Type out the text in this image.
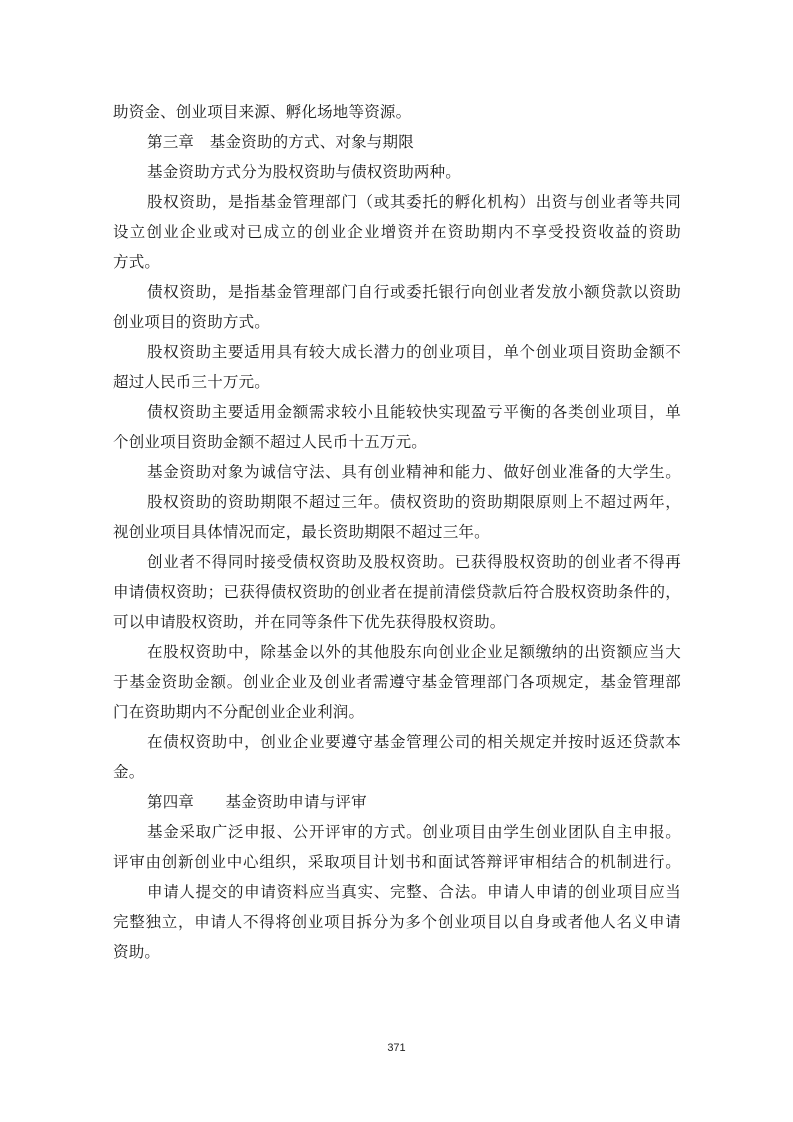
助资金、创业项目来源、孵化场地等资源。
第三章　基金资助的方式、对象与期限
基金资助方式分为股权资助与债权资助两种。
股权资助，是指基金管理部门（或其委托的孵化机构）出资与创业者等共同
设立创业企业或对已成立的创业企业增资并在资助期内不享受投资收益的资助
方式。
债权资助，是指基金管理部门自行或委托银行向创业者发放小额贷款以资助
创业项目的资助方式。
股权资助主要适用具有较大成长潜力的创业项目，单个创业项目资助金额不
超过人民币三十万元。
债权资助主要适用金额需求较小且能较快实现盈亏平衡的各类创业项目，单
个创业项目资助金额不超过人民币十五万元。
基金资助对象为诚信守法、具有创业精神和能力、做好创业准备的大学生。
股权资助的资助期限不超过三年。债权资助的资助期限原则上不超过两年，
视创业项目具体情况而定，最长资助期限不超过三年。
创业者不得同时接受债权资助及股权资助。已获得股权资助的创业者不得再
申请债权资助；已获得债权资助的创业者在提前清偿贷款后符合股权资助条件的，
可以申请股权资助，并在同等条件下优先获得股权资助。
在股权资助中，除基金以外的其他股东向创业企业足额缴纳的出资额应当大
于基金资助金额。创业企业及创业者需遵守基金管理部门各项规定，基金管理部
门在资助期内不分配创业企业利润。
在债权资助中，创业企业要遵守基金管理公司的相关规定并按时返还贷款本
金。
第四章　　基金资助申请与评审
基金采取广泛申报、公开评审的方式。创业项目由学生创业团队自主申报。
评审由创新创业中心组织，采取项目计划书和面试答辩评审相结合的机制进行。
申请人提交的申请资料应当真实、完整、合法。申请人申请的创业项目应当
完整独立，申请人不得将创业项目拆分为多个创业项目以自身或者他人名义申请
资助。
371
